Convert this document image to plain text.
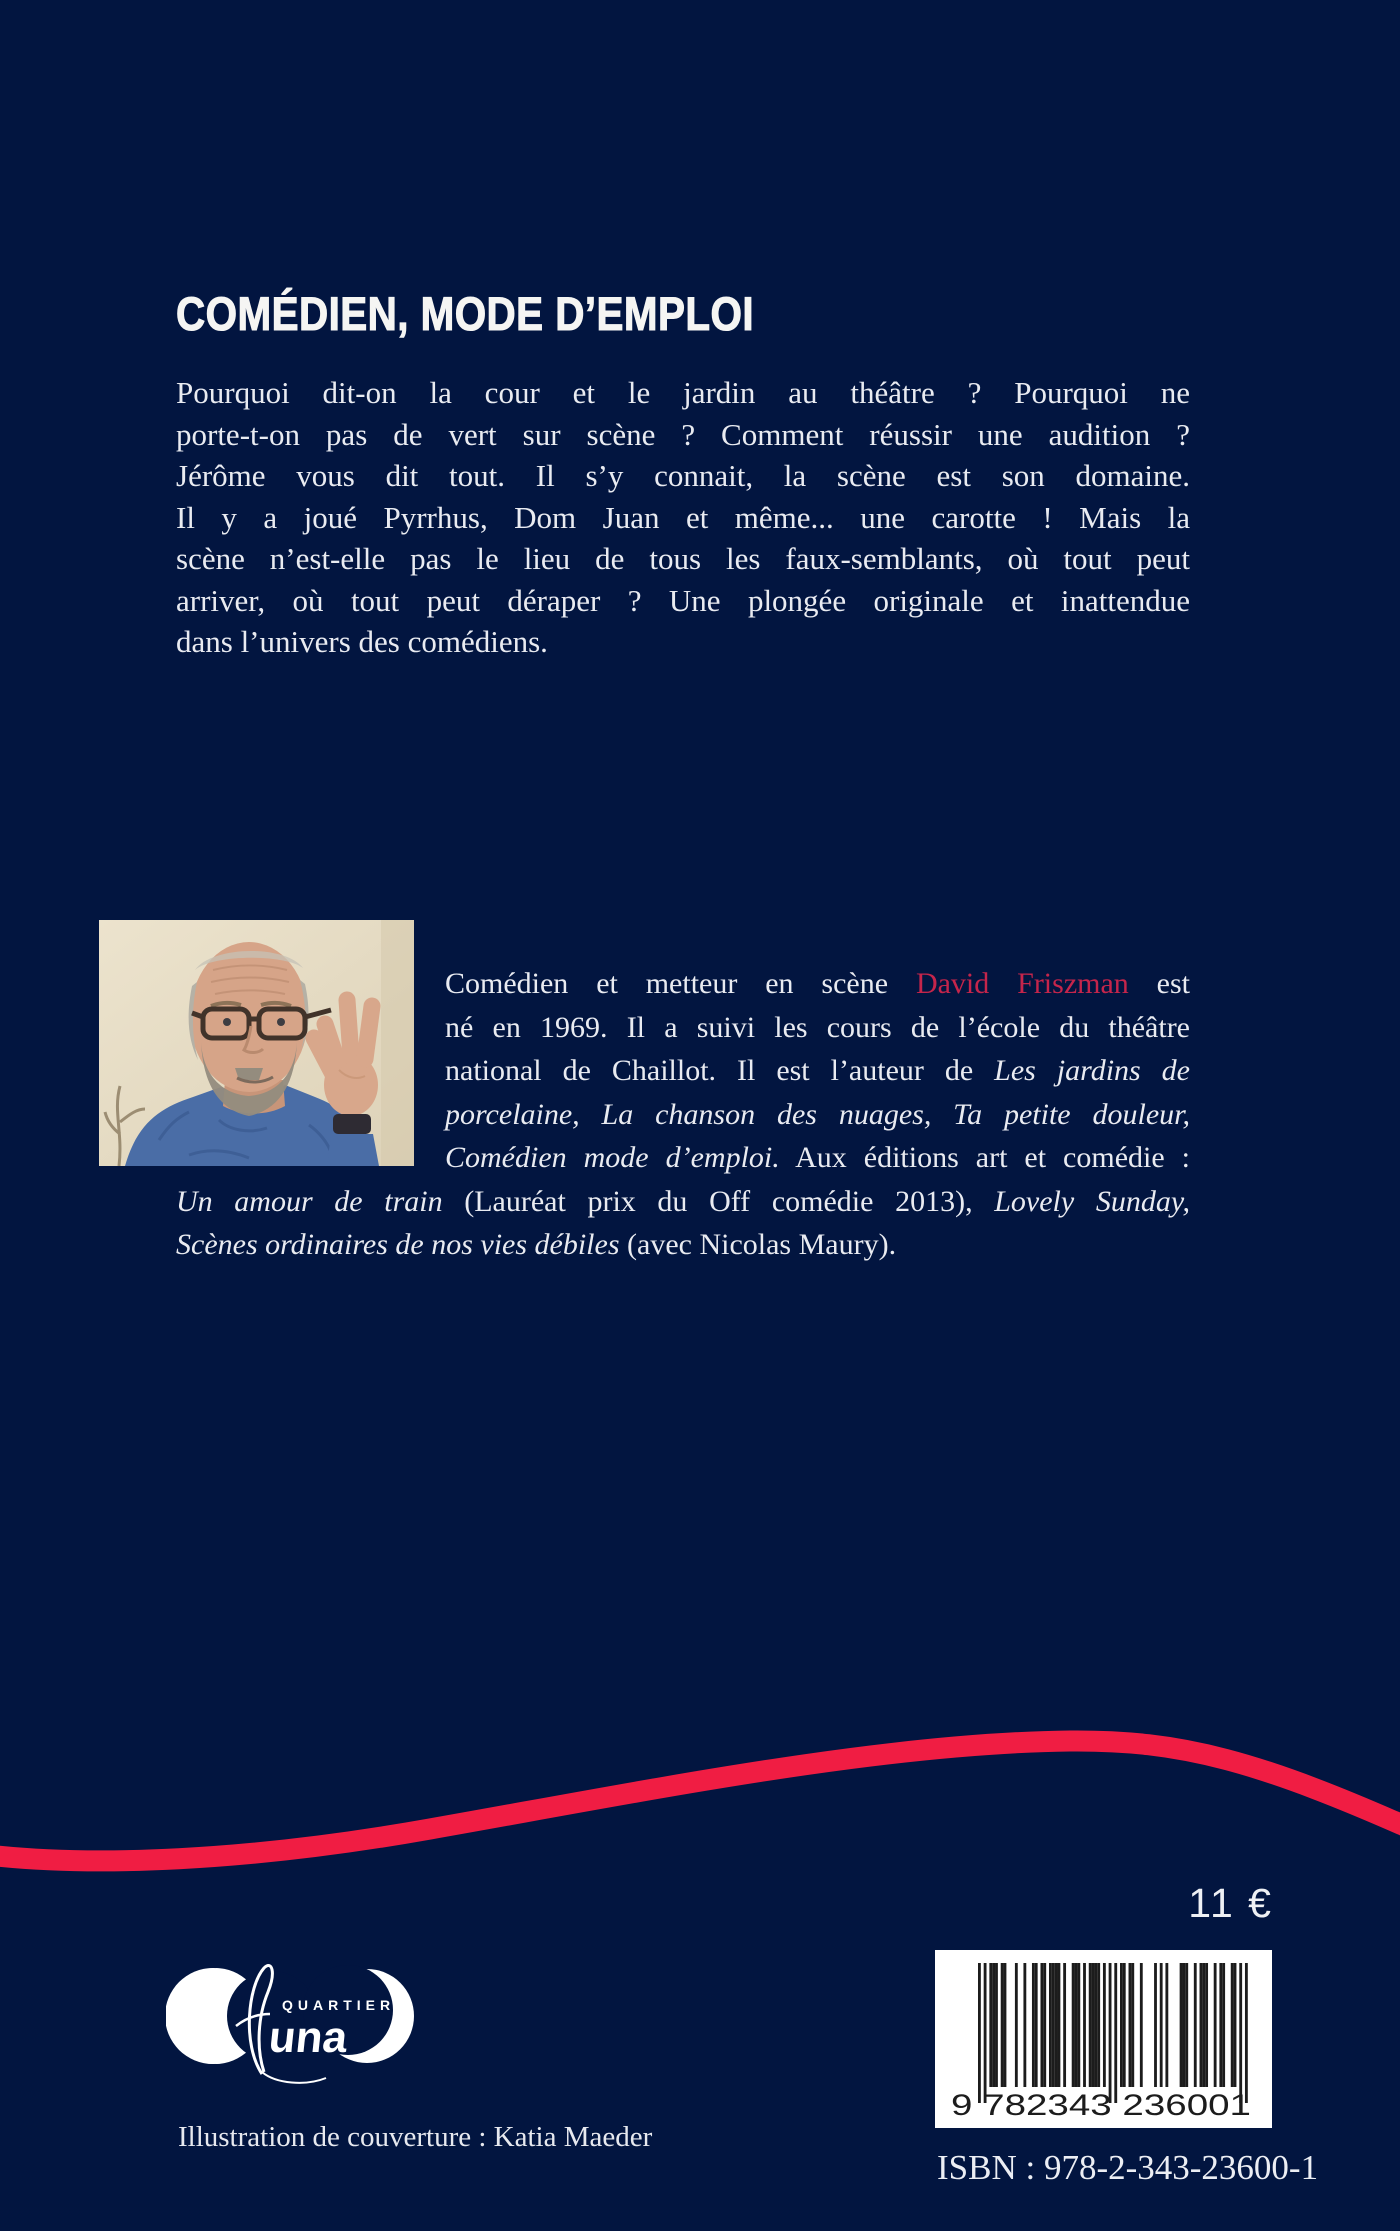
COMÉDIEN, MODE D’EMPLOI
Pourquoi dit-on la cour et le jardin au théâtre ? Pourquoi ne
porte-t-on pas de vert sur scène ? Comment réussir une audition ?
Jérôme vous dit tout. Il s’y connait, la scène est son domaine.
Il y a joué Pyrrhus, Dom Juan et même... une carotte ! Mais la
scène n’est-elle pas le lieu de tous les faux-semblants, où tout peut
arriver, où tout peut déraper ? Une plongée originale et inattendue
dans l’univers des comédiens.
Comédien et metteur en scène David Friszman est
né en 1969. Il a suivi les cours de l’école du théâtre
national de Chaillot. Il est l’auteur de Les jardins de
porcelaine, La chanson des nuages, Ta petite douleur,
Comédien mode d’emploi. Aux éditions art et comédie :
Un amour de train (Lauréat prix du Off comédie 2013), Lovely Sunday,
Scènes ordinaires de nos vies débiles (avec Nicolas Maury).
11 €
QUARTIER
una
9 782343 236001
ISBN : 978-2-343-23600-1
Illustration de couverture : Katia Maeder
